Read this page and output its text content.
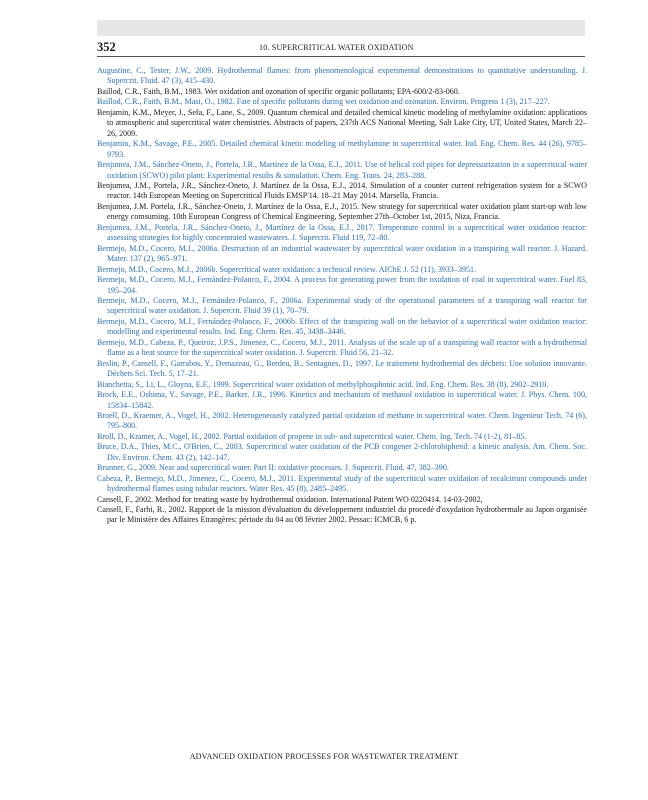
352	10. SUPERCRITICAL WATER OXIDATION
Augustine, C., Tester, J.W., 2009. Hydrothermal flames: from phenomenological experimental demonstrations to quantitative understanding. J. Supercrit. Fluid. 47 (3), 415–430.
Baillod, C.R., Faith, B.M., 1983. Wet oxidation and ozonation of specific organic pollutants; EPA-600/2-83-060.
Baillod, C.R., Faith, B.M., Masi, O., 1982. Fate of specific pollutants during wet oxidation and ozonation. Environ. Progress 1 (3), 217–227.
Benjamin, K.M., Meyer, J., Sefa, F., Lane, S., 2009. Quantum chemical and detailed chemical kinetic modeling of methylamine oxidation: applications to atmospheric and supercritical water chemistries. Abstracts of papers, 237th ACS National Meeting, Salt Lake City, UT, United States, March 22–26, 2009.
Benjamin, K.M., Savage, P.E., 2005. Detailed chemical kinetic modeling of methylamine in supercritical water. Ind. Eng. Chem. Res. 44 (26), 9785–9793.
Benjumea, J.M., Sánchez-Oneto, J., Portela, J.R., Martínez de la Ossa, E.J., 2011. Use of helical coil pipes for depressurization in a supercritical water oxidation (SCWO) pilot plant: Experimental results & simulation. Chem. Eng. Trans. 24, 283–288.
Benjumea, J.M., Portela, J.R., Sánchez-Oneto, J. Martínez de la Ossa, E.J., 2014. Simulation of a counter current refrigeration system for a SCWO reactor. 14th European Meeting on Supercritical Fluids EMSP'14. 18–21 May 2014. Marsella, Francia.
Benjumea, J.M. Portela, J.R., Sánchez-Oneto, J. Martínez de la Ossa, E.J., 2015. New strategy for supercritical water oxidation plant start-up with low energy comsuming. 10th European Congress of Chemical Engineering, September 27th–October 1st, 2015, Niza, Francia.
Benjumea, J.M., Portela, J.R., Sánchez-Oneto, J., Martínez de la Ossa, E.J., 2017. Temperature control in a supercritical water oxidation reactor: assessing strategies for highly concentrated wastewaters. J. Supercrit. Fluid 119, 72–80.
Bermejo, M.D., Cocero, M.J., 2006a. Destruction of an industrial wastewater by supercritical water oxidation in a transpiring wall reactor. J. Hazard. Mater. 137 (2), 965–971.
Bermejo, M.D., Cocero, M.J., 2006b. Supercritical water oxidation: a technical review. AIChE J. 52 (11), 3933–3951.
Bermejo, M.D., Cocero, M.J., Fernández-Polanco, F., 2004. A process for generating power from the oxidation of coal in supercritical water. Fuel 83, 195–204.
Bermejo, M.D., Cocero, M.J., Fernández-Polanco, F., 2006a. Experimental study of the operational parameters of a transpiring wall reactor for supercritical water oxidation. J. Supercrit. Fluid 39 (1), 70–79.
Bermejo, M.D., Cocero, M.J., Fernández-Polanco, F., 2006b. Effect of the transpiring wall on the behavior of a supercritical water oxidation reactor: modelling and experimental results. Ind. Eng. Chem. Res. 45, 3438–3446.
Bermejo, M.D., Cabeza, P., Queiroz, J.P.S., Jimenez, C., Cocero, M.J., 2011. Analysis of the scale up of a transpiring wall reactor with a hydrothermal flame as a heat source for the supercritical water oxidation. J. Supercrit. Fluid 56, 21–32.
Beslin, P., Cansell, F., Garrabos, Y., Demazeau, G., Berdeu, B., Sentagnes, D., 1997. Le traitement hydrothermal des déchets: Une solution innovante. Déchets Sci. Tech. 5, 17–21.
Bianchetta, S., Li, L., Gloyna, E.F., 1999. Supercritical water oxidation of methylphosphonic acid. Ind. Eng. Chem. Res. 38 (8), 2902–2910.
Brock, E.E., Oshima, Y., Savage, P.E., Barker, J.R., 1996. Kinetics and mechanism of methanol oxidation in supercritical water. J. Phys. Chem. 100, 15834–15842.
Broell, D., Kraemer, A., Vogel, H., 2002. Heterogeneously catalyzed partial oxidation of methane in supercritical water. Chem. Ingenieur Tech. 74 (6), 795–800.
Broll, D., Kramer, A., Vogel, H., 2002. Partial oxidation of propene in sub- and supercritical water. Chem. Ing. Tech. 74 (1-2), 81–85.
Bruce, D.A., Thies, M.C., O'Brien, C., 2003. Supercritical water oxidation of the PCB congener 2-chlorobiphenil: a kinetic analysis. Am. Chem. Soc. Div. Environ. Chem. 43 (2), 142–147.
Brunner, G., 2009. Near and supercritical water. Part II: oxidative processes. J. Supercrit. Fluid. 47, 382–390.
Cabeza, P., Bermejo, M.D., Jimenez, C., Cocero, M.J., 2011. Experimental study of the supercritical water oxidation of recalcitrant compounds under hydrothermal flames using tubular reactors. Water Res. 45 (8), 2485–2495.
Cansell, F., 2002. Method for treating waste by hydrothermal oxidation. International Patent WO 0220414. 14-03-2002,
Cansell, F., Farhi, R., 2002. Rapport de la mission d'évaluation du développement industriel du procedé d'oxydation hydrothermale au Japon organisée par le Ministère des Affaires Etrangères: période du 04 au 08 février 2002. Pessac: ICMCB, 6 p.
ADVANCED OXIDATION PROCESSES FOR WASTEWATER TREATMENT
